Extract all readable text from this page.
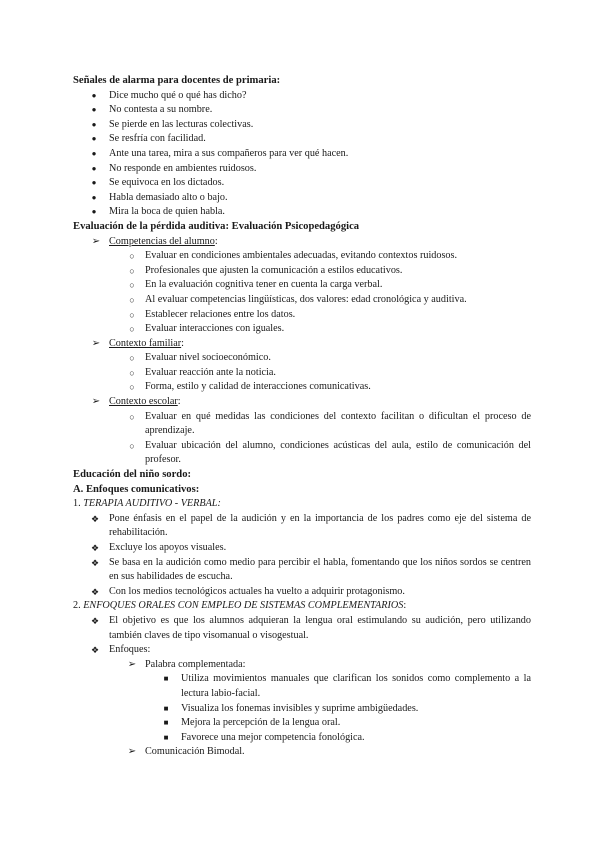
Señales de alarma para docentes de primaria:
● Dice mucho qué o qué has dicho?
● No contesta a su nombre.
● Se pierde en las lecturas colectivas.
● Se resfría con facilidad.
● Ante una tarea, mira a sus compañeros para ver qué hacen.
● No responde en ambientes ruidosos.
● Se equivoca en los dictados.
● Habla demasiado alto o bajo.
● Mira la boca de quien habla.
Evaluación de la pérdida auditiva: Evaluación Psicopedagógica
➢ Competencias del alumno:
○ Evaluar en condiciones ambientales adecuadas, evitando contextos ruidosos.
○ Profesionales que ajusten la comunicación a estilos educativos.
○ En la evaluación cognitiva tener en cuenta la carga verbal.
○ Al evaluar competencias lingüísticas, dos valores: edad cronológica y auditiva.
○ Establecer relaciones entre los datos.
○ Evaluar interacciones con iguales.
➢ Contexto familiar:
○ Evaluar nivel socioeconómico.
○ Evaluar reacción ante la noticia.
○ Forma, estilo y calidad de interacciones comunicativas.
➢ Contexto escolar:
○ Evaluar en qué medidas las condiciones del contexto facilitan o dificultan el proceso de aprendizaje.
○ Evaluar ubicación del alumno, condiciones acústicas del aula, estilo de comunicación del profesor.
Educación del niño sordo:
A. Enfoques comunicativos:
1. TERAPIA AUDITIVO - VERBAL:
❖ Pone énfasis en el papel de la audición y en la importancia de los padres como eje del sistema de rehabilitación.
❖ Excluye los apoyos visuales.
❖ Se basa en la audición como medio para percibir el habla, fomentando que los niños sordos se centren en sus habilidades de escucha.
❖ Con los medios tecnológicos actuales ha vuelto a adquirir protagonismo.
2. ENFOQUES ORALES CON EMPLEO DE SISTEMAS COMPLEMENTARIOS:
❖ El objetivo es que los alumnos adquieran la lengua oral estimulando su audición, pero utilizando también claves de tipo visomanual o visogestual.
❖ Enfoques:
➢ Palabra complementada:
■ Utiliza movimientos manuales que clarifican los sonidos como complemento a la lectura labio-facial.
■ Visualiza los fonemas invisibles y suprime ambigüedades.
■ Mejora la percepción de la lengua oral.
■ Favorece una mejor competencia fonológica.
➢ Comunicación Bimodal.
